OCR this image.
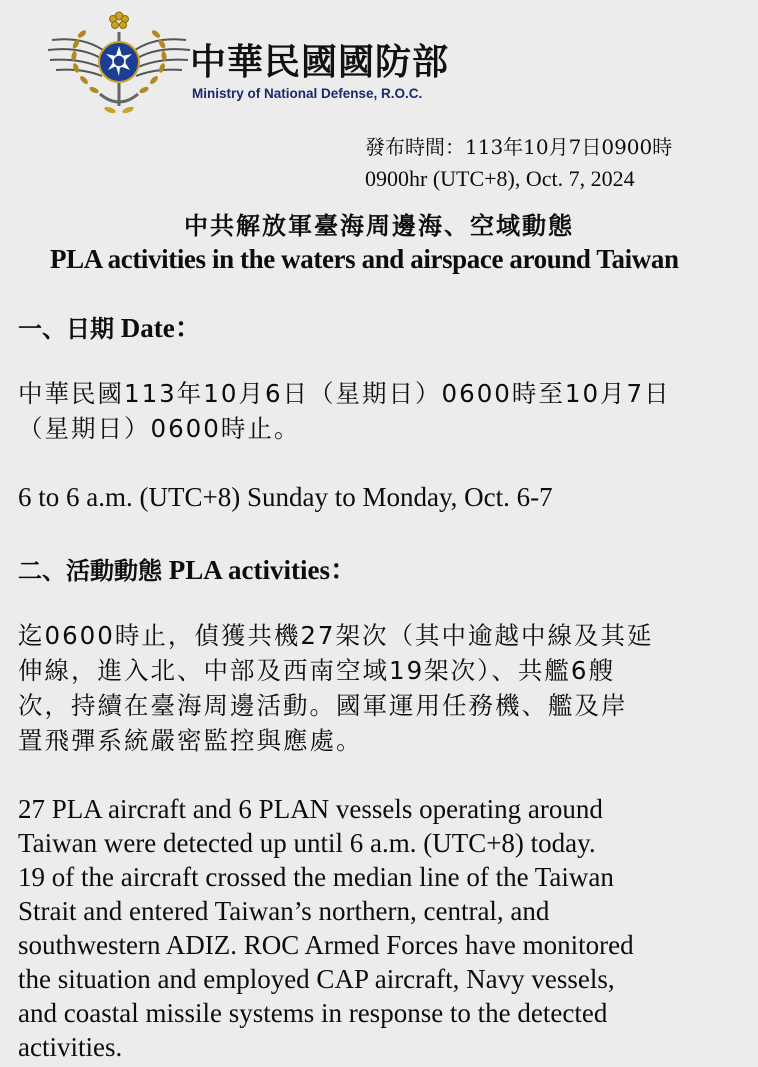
中華民國國防部
Ministry of National Defense, R.O.C.
發布時間：113年10月7日0900時
0900hr (UTC+8), Oct. 7, 2024
中共解放軍臺海周邊海、空域動態
PLA activities in the waters and airspace around Taiwan
一、日期 Date：
中華民國113年10月6日（星期日）0600時至10月7日
（星期日）0600時止。
6 to 6 a.m. (UTC+8) Sunday to Monday, Oct. 6-7
二、活動動態 PLA activities：
迄0600時止，偵獲共機27架次（其中逾越中線及其延
伸線，進入北、中部及西南空域19架次）、共艦6艘
次，持續在臺海周邊活動。國軍運用任務機、艦及岸
置飛彈系統嚴密監控與應處。
27 PLA aircraft and 6 PLAN vessels operating around
Taiwan were detected up until 6 a.m. (UTC+8) today.
19 of the aircraft crossed the median line of the Taiwan
Strait and entered Taiwan’s northern, central, and
southwestern ADIZ. ROC Armed Forces have monitored
the situation and employed CAP aircraft, Navy vessels,
and coastal missile systems in response to the detected
activities.
